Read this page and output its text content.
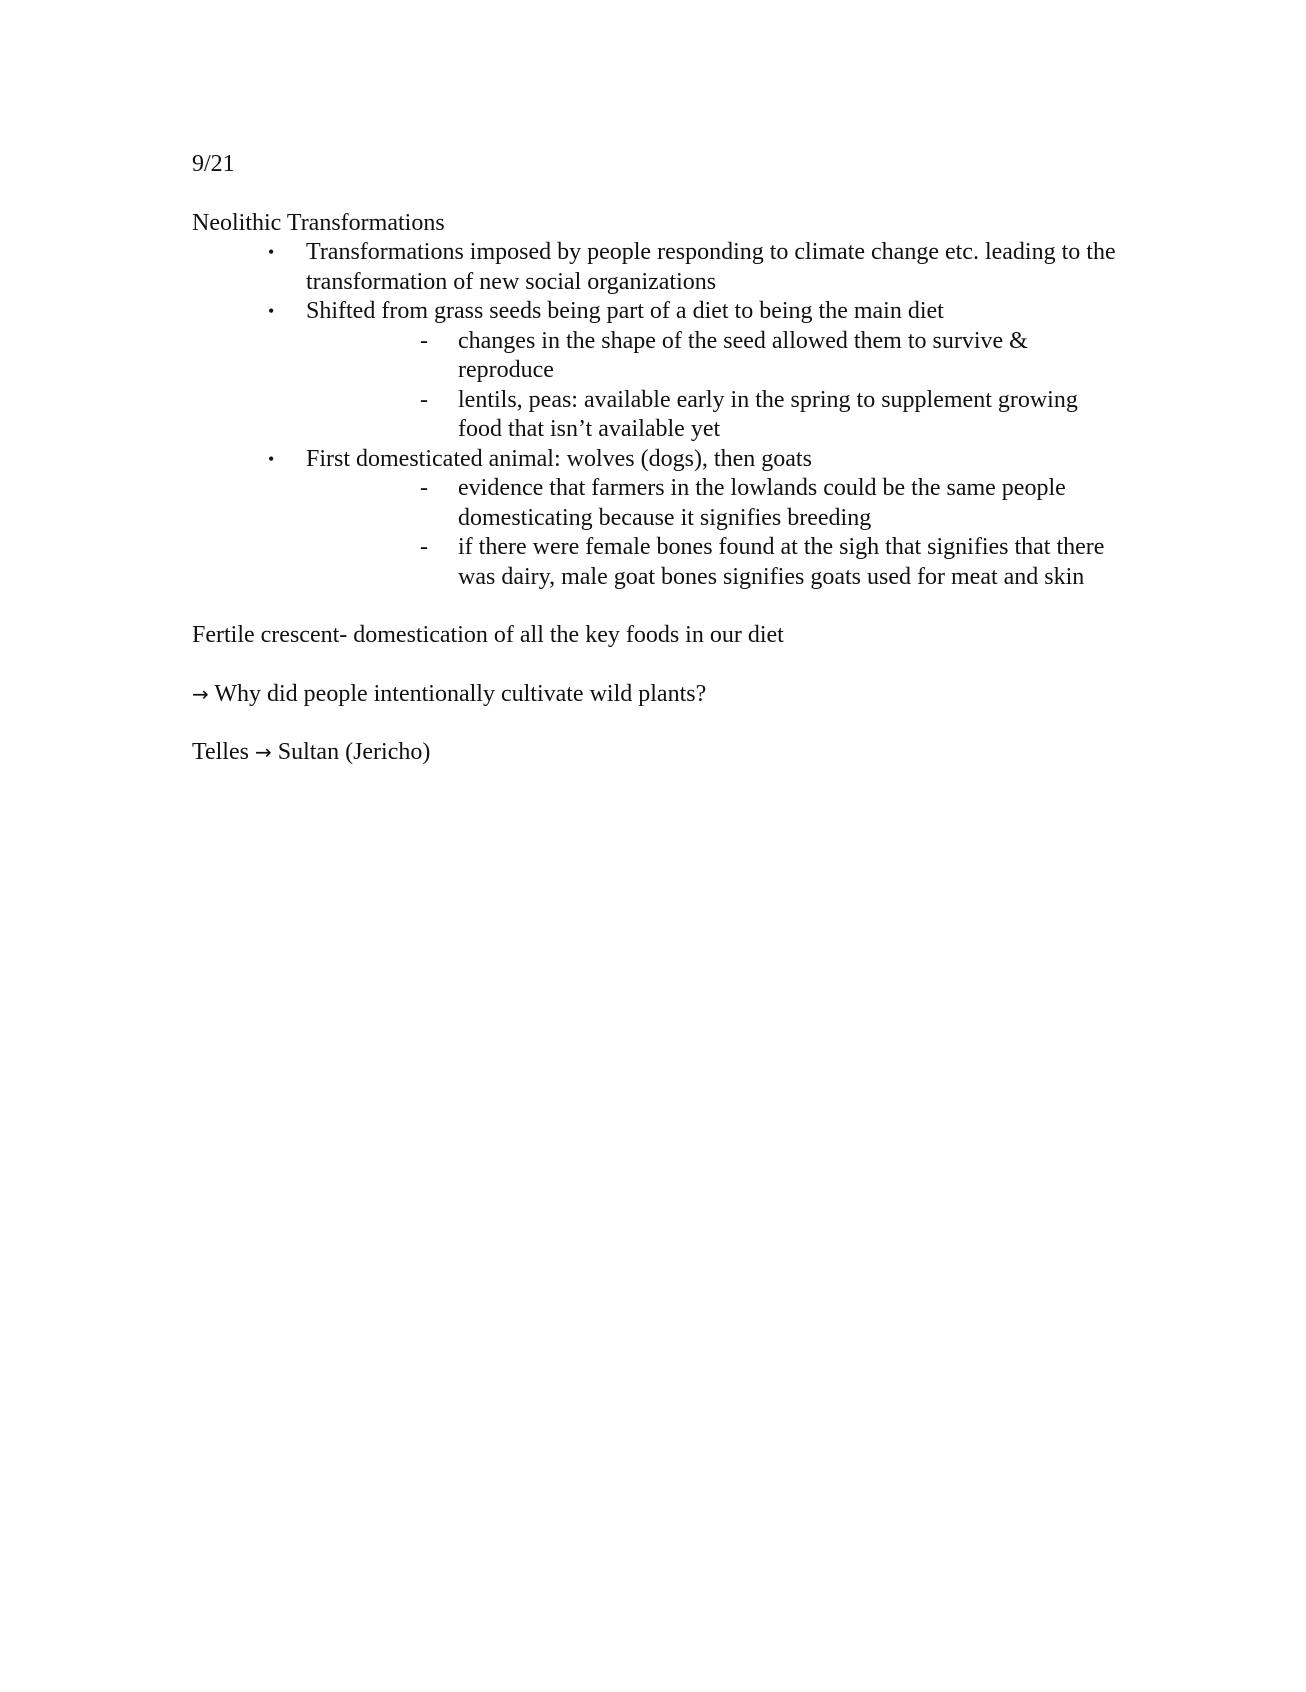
9/21
Neolithic Transformations
• Transformations imposed by people responding to climate change etc. leading to the transformation of new social organizations
• Shifted from grass seeds being part of a diet to being the main diet
- changes in the shape of the seed allowed them to survive & reproduce
- lentils, peas: available early in the spring to supplement growing food that isn’t available yet
• First domesticated animal: wolves (dogs), then goats
- evidence that farmers in the lowlands could be the same people domesticating because it signifies breeding
- if there were female bones found at the sigh that signifies that there was dairy, male goat bones signifies goats used for meat and skin
Fertile crescent- domestication of all the key foods in our diet
→ Why did people intentionally cultivate wild plants?
Telles → Sultan (Jericho)
